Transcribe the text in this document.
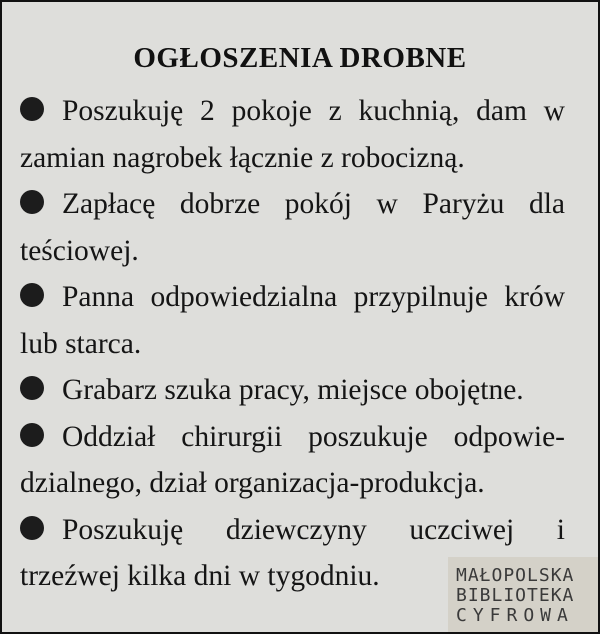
OGŁOSZENIA DROBNE

Poszukuję 2 pokoje z kuchnią, dam w zamian nagrobek łącznie z robocizną.

Zapłacę dobrze pokój w Paryżu dla teściowej.

Panna odpowiedzialna przypilnuje krów lub starca.

Grabarz szuka pracy, miejsce obojętne.

Oddział chirurgii poszukuje odpowie- dzialnego, dział organizacja-produkcja.

Poszukuję dziewczyny uczciwej i trzeźwej kilka dni w tygodniu.	MAŁOPOLSKA
BIBLIOTEKA
CYFROWA
